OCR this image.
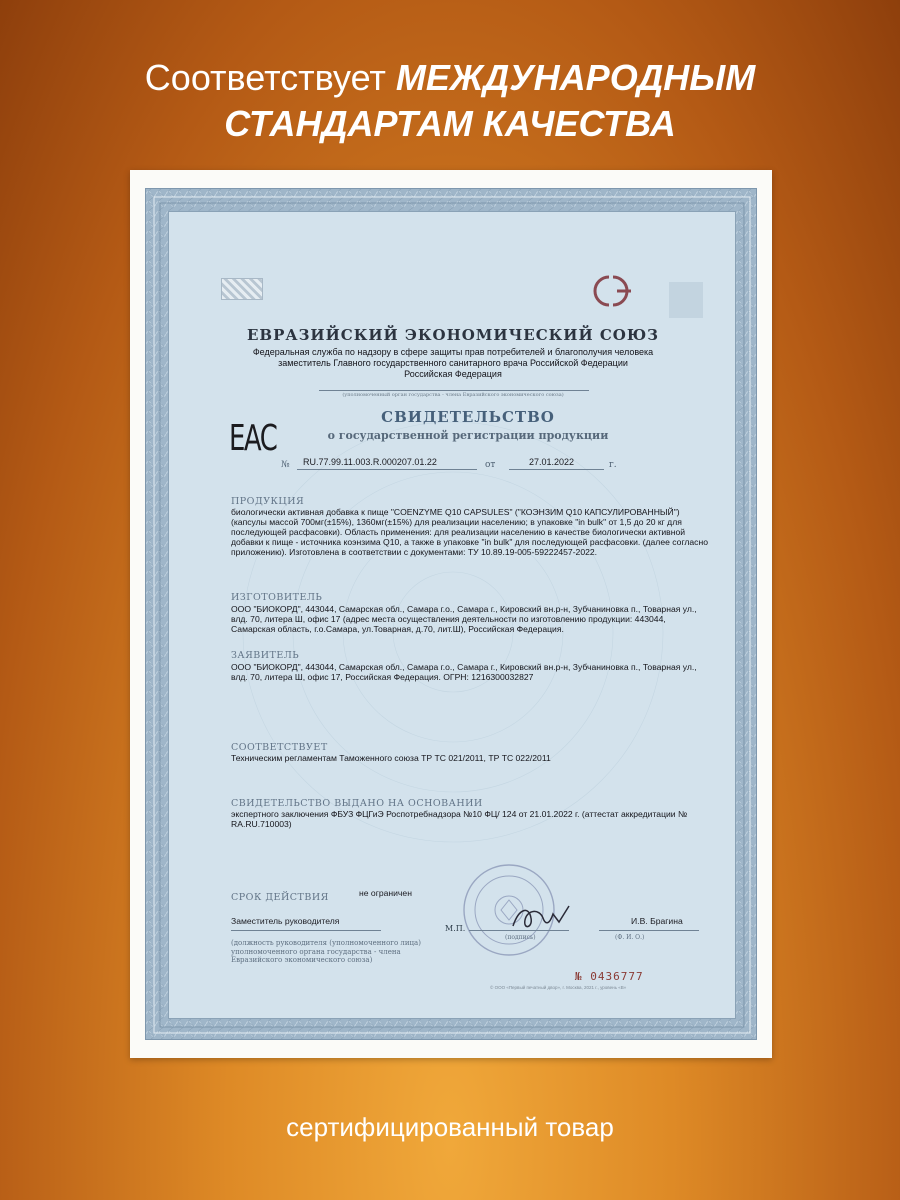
Соответствует МЕЖДУНАРОДНЫМ
СТАНДАРТАМ КАЧЕСТВА
ЕВРАЗИЙСКИЙ ЭКОНОМИЧЕСКИЙ СОЮЗ
Федеральная служба по надзору в сфере защиты прав потребителей и благополучия человека
заместитель Главного государственного санитарного врача Российской Федерации
Российская Федерация
(уполномоченный орган государства - члена Евразийского экономического союза)
EAC
СВИДЕТЕЛЬСТВО
о государственной регистрации продукции
№ RU.77.99.11.003.R.000207.01.22	от	27.01.2022	г.
ПРОДУКЦИЯ
биологически активная добавка к пище "COENZYME Q10 CAPSULES" ("КОЭНЗИМ Q10 КАПСУЛИРОВАННЫЙ") (капсулы массой 700мг(±15%), 1360мг(±15%) для реализации населению; в упаковке "in bulk" от 1,5 до 20 кг для последующей расфасовки). Область применения: для реализации населению в качестве биологически активной добавки к пище - источника коэнзима Q10, а также в упаковке "in bulk" для последующей расфасовки. (далее согласно приложению). Изготовлена в соответствии с документами: ТУ 10.89.19-005-59222457-2022.
ИЗГОТОВИТЕЛЬ
ООО "БИОКОРД", 443044, Самарская обл., Самара г.о., Самара г., Кировский вн.р-н, Зубчаниновка п., Товарная ул., влд. 70, литера Ш, офис 17 (адрес места осуществления деятельности по изготовлению продукции: 443044, Самарская область, г.о.Самара, ул.Товарная, д.70, лит.Ш), Российская Федерация.
ЗАЯВИТЕЛЬ
ООО "БИОКОРД", 443044, Самарская обл., Самара г.о., Самара г., Кировский вн.р-н, Зубчаниновка п., Товарная ул., влд. 70, литера Ш, офис 17, Российская Федерация. ОГРН: 1216300032827
СООТВЕТСТВУЕТ
Техническим регламентам Таможенного союза ТР ТС 021/2011, ТР ТС 022/2011
СВИДЕТЕЛЬСТВО ВЫДАНО НА ОСНОВАНИИ
экспертного заключения ФБУЗ ФЦГиЭ Роспотребнадзора №10 ФЦ/ 124 от 21.01.2022 г. (аттестат аккредитации № RA.RU.710003)
СРОК ДЕЙСТВИЯ	не ограничен
Заместитель руководителя	И.В. Брагина
(должность руководителя (уполномоченного лица) уполномоченного органа государства - члена Евразийского экономического союза)
М.П.
(подпись)	(Ф. И. О.)
№ 0436777
© ООО «Первый печатный двор», г. Москва, 2021 г., уровень «В»
сертифицированный товар
